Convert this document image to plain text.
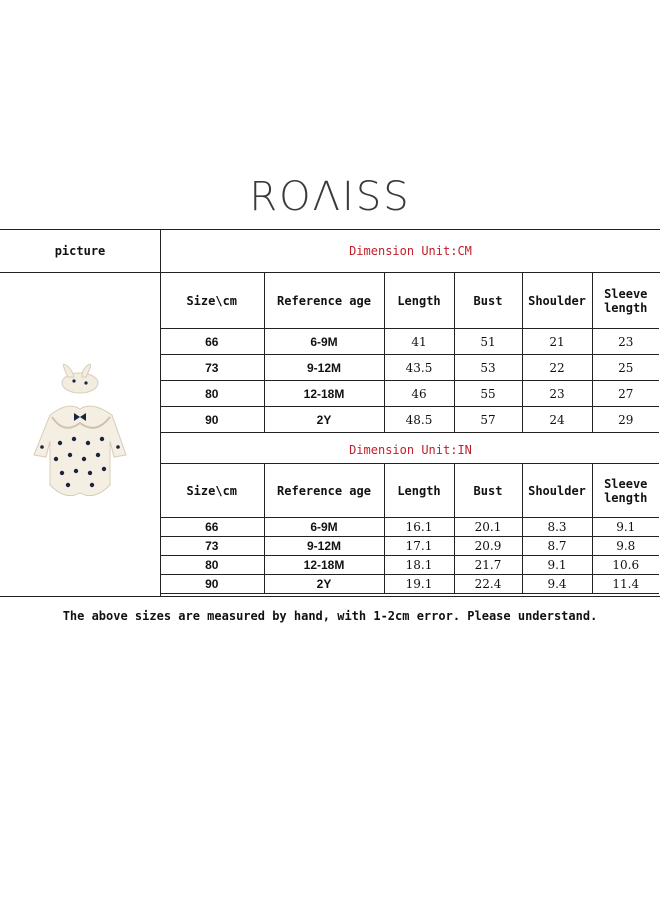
ROΛISS
picture	Dimension Unit:CM
Size\cm	Reference age	Length	Bust	Shoulder	Sleeve length
66	6-9M	41	51	21	23
73	9-12M	43.5	53	22	25
80	12-18M	46	55	23	27
90	2Y	48.5	57	24	29
Dimension Unit:IN
Size\cm	Reference age	Length	Bust	Shoulder	Sleeve length
66	6-9M	16.1	20.1	8.3	9.1
73	9-12M	17.1	20.9	8.7	9.8
80	12-18M	18.1	21.7	9.1	10.6
90	2Y	19.1	22.4	9.4	11.4
The above sizes are measured by hand, with 1-2cm error. Please understand.
